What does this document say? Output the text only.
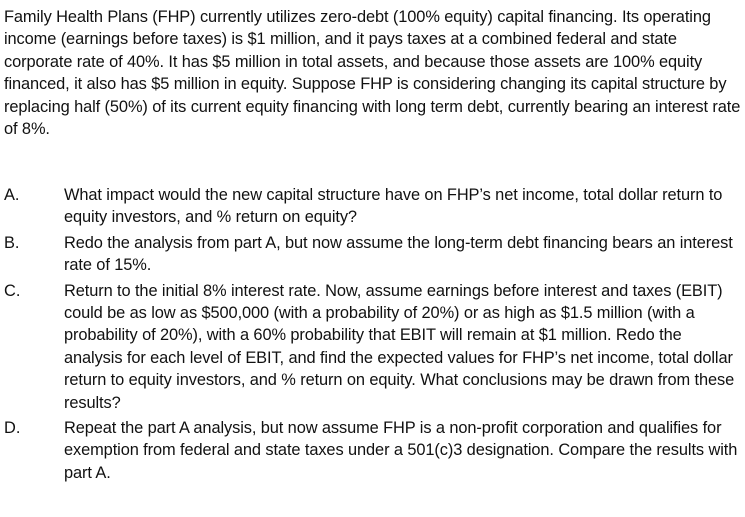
Family Health Plans (FHP) currently utilizes zero-debt (100% equity) capital financing. Its operating income (earnings before taxes) is $1 million, and it pays taxes at a combined federal and state corporate rate of 40%. It has $5 million in total assets, and because those assets are 100% equity financed, it also has $5 million in equity. Suppose FHP is considering changing its capital structure by replacing half (50%) of its current equity financing with long term debt, currently bearing an interest rate of 8%.

A.	What impact would the new capital structure have on FHP’s net income, total dollar return to equity investors, and % return on equity?
B.	Redo the analysis from part A, but now assume the long-term debt financing bears an interest rate of 15%.
C.	Return to the initial 8% interest rate. Now, assume earnings before interest and taxes (EBIT) could be as low as $500,000 (with a probability of 20%) or as high as $1.5 million (with a probability of 20%), with a 60% probability that EBIT will remain at $1 million. Redo the analysis for each level of EBIT, and find the expected values for FHP’s net income, total dollar return to equity investors, and % return on equity. What conclusions may be drawn from these results?
D.	Repeat the part A analysis, but now assume FHP is a non-profit corporation and qualifies for exemption from federal and state taxes under a 501(c)3 designation. Compare the results with part A.
